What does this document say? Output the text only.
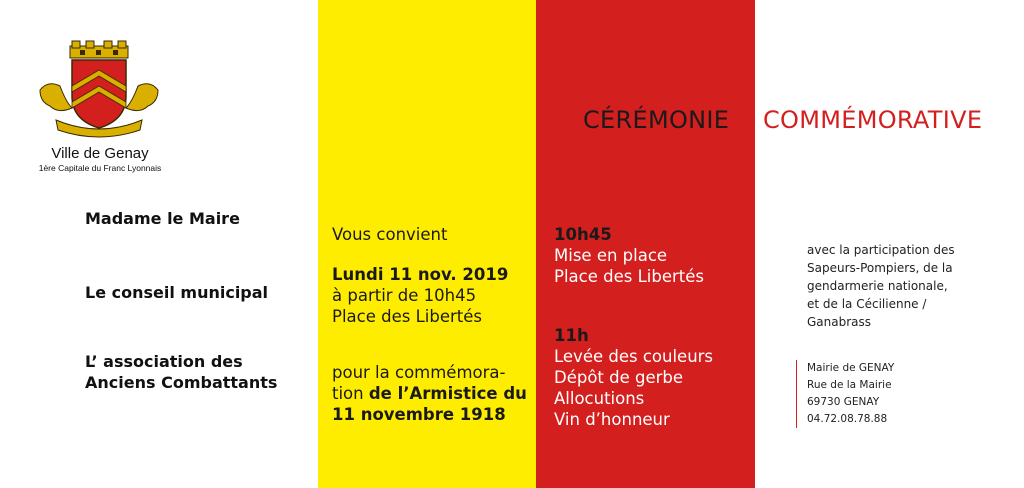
Ville de Genay
1ère Capitale du Franc Lyonnais
Madame le Maire
Le conseil municipal
L’ association des
Anciens Combattants
CÉRÉMONIE COMMÉMORATIVE
Vous convient
Lundi 11 nov. 2019
à partir de 10h45
Place des Libertés
pour la commémora-
tion de l’Armistice du
11 novembre 1918
10h45
Mise en place
Place des Libertés
11h
Levée des couleurs
Dépôt de gerbe
Allocutions
Vin d’honneur
avec la participation des
Sapeurs-Pompiers, de la
gendarmerie nationale,
et de la Cécilienne /
Ganabrass
Mairie de GENAY
Rue de la Mairie
69730 GENAY
04.72.08.78.88
